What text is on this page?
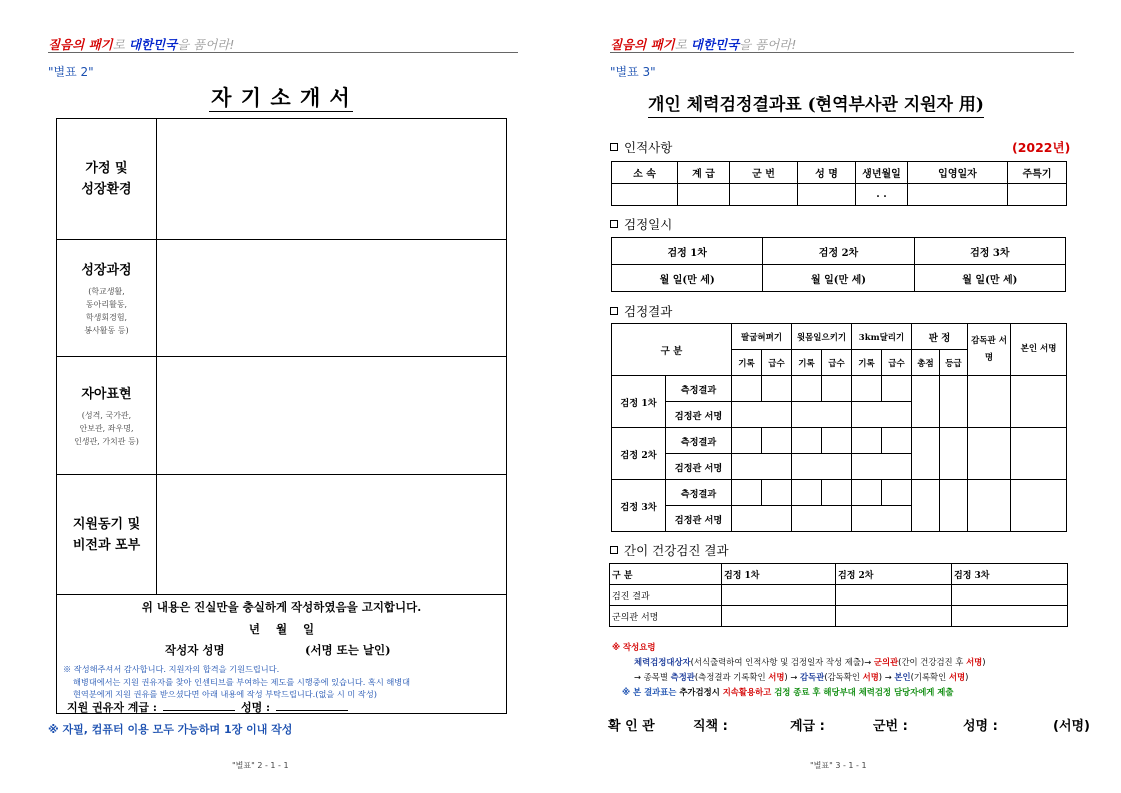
질음의 패기로 대한민국을 품어라!
"별표 2"
자 기 소 개 서
가정 및
성장환경
성장과정
(학교생활,
동아리활동,
학생회경험,
봉사활동 등)
자아표현
(성격, 국가관,
안보관, 좌우명,
인생관, 가치관 등)
지원동기 및
비전과 포부
위 내용은 진실만을 충실하게 작성하였음을 고지합니다.
년 월 일
작성자 성명	(서명 또는 날인)
※ 작성해주셔서 감사합니다. 지원자의 합격을 기원드립니다.
해병대에서는 지원 권유자를 찾아 인센티브를 부여하는 제도를 시행중에 있습니다. 혹시 해병대
현역분에게 지원 권유를 받으셨다면 아래 내용에 작성 부탁드립니다.(없을 시 미 작성)
지원 권유자 계급 :	성명 :
※ 자필, 컴퓨터 이용 모두 가능하며 1장 이내 작성
"별표" 2 - 1 - 1
질음의 패기로 대한민국을 품어라!
"별표 3"
개인 체력검정결과표 (현역부사관 지원자 用)
인적사항	(2022년)
소 속	계 급	군 번	성 명	생년월일	입영일자	주특기
				. .		
검정일시
검정 1차	검정 2차	검정 3차
월 일(만 세)	월 일(만 세)	월 일(만 세)
검정결과
구 분		팔굽혀펴기		윗몸일으키기		3km달리기		판 정		감독관 서 명	본인 서명
		기록	급수	기록	급수	기록	급수	총점	등급		
검정 1차	측정결과										
	검정관 서명										
검정 2차	측정결과										
	검정관 서명										
검정 3차	측정결과										
	검정관 서명										
간이 건강검진 결과
구 분	검정 1차	검정 2차	검정 3차
검진 결과			
군의관 서명			
※ 작성요령
체력검정대상자(서식출력하여 인적사항 및 검정일자 작성 제출)→ 군의관(간이 건강검진 후 서명)
→ 종목별 측정관(측정결과 기록확인 서명) → 감독관(감독확인 서명) → 본인(기록확인 서명)
※ 본 결과표는 추가검정시 지속활용하고 검정 종료 후 해당부대 체력검정 담당자에게 제출
확 인 관	직책 :	계급 :	군번 :	성명 :	(서명)
"별표" 3 - 1 - 1
